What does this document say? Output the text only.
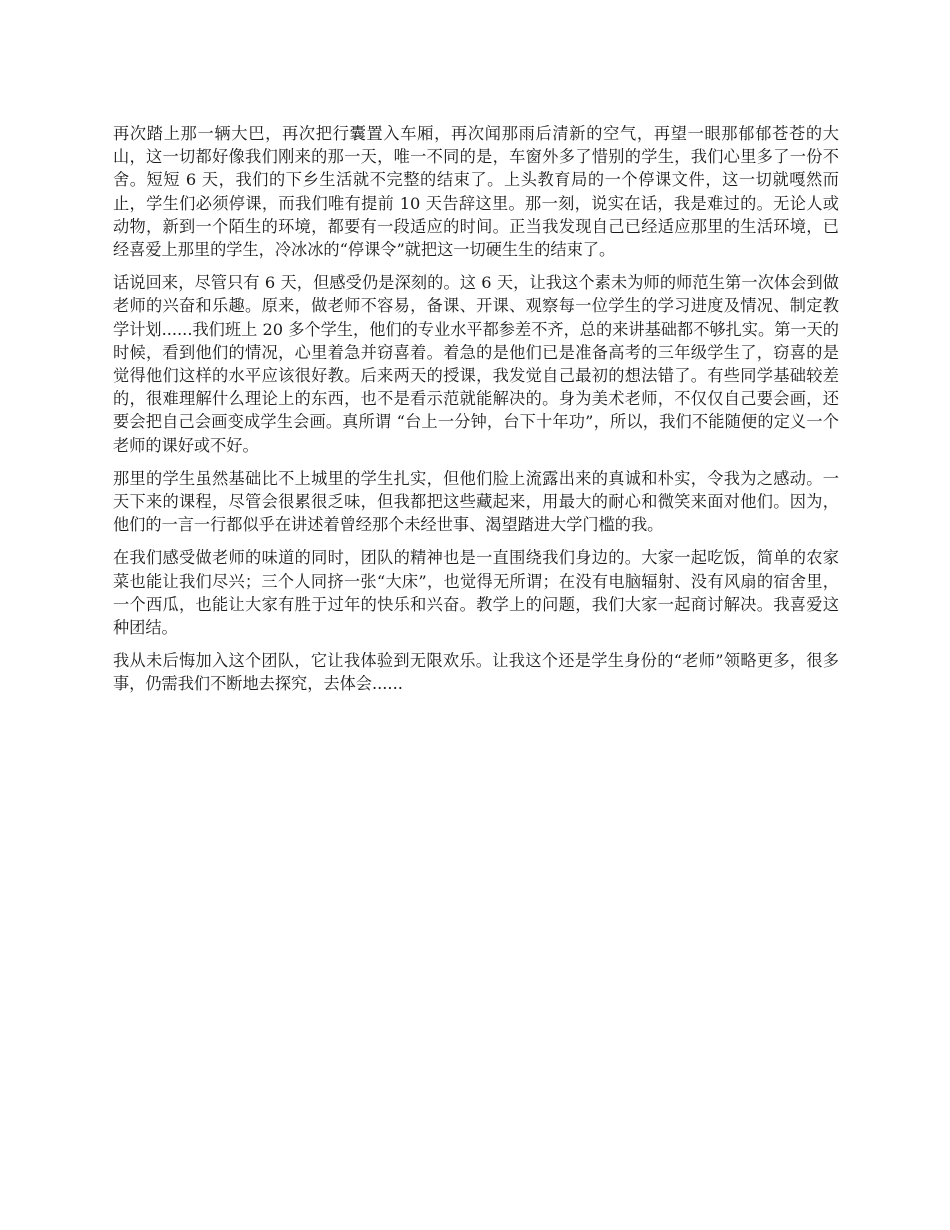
再次踏上那一辆大巴，再次把行囊置入车厢，再次闻那雨后清新的空气，再望一眼那郁郁苍苍的大山，这一切都好像我们刚来的那一天，唯一不同的是，车窗外多了惜别的学生，我们心里多了一份不舍。短短 6 天，我们的下乡生活就不完整的结束了。上头教育局的一个停课文件，这一切就嘎然而止，学生们必须停课，而我们唯有提前 10 天告辞这里。那一刻，说实在话，我是难过的。无论人或动物，新到一个陌生的环境，都要有一段适应的时间。正当我发现自己已经适应那里的生活环境，已经喜爱上那里的学生，冷冰冰的“停课令”就把这一切硬生生的结束了。

话说回来，尽管只有 6 天，但感受仍是深刻的。这 6 天，让我这个素未为师的师范生第一次体会到做老师的兴奋和乐趣。原来，做老师不容易，备课、开课、观察每一位学生的学习进度及情况、制定教学计划......我们班上 20 多个学生，他们的专业水平都参差不齐，总的来讲基础都不够扎实。第一天的时候，看到他们的情况，心里着急并窃喜着。着急的是他们已是准备高考的三年级学生了，窃喜的是觉得他们这样的水平应该很好教。后来两天的授课，我发觉自己最初的想法错了。有些同学基础较差的，很难理解什么理论上的东西，也不是看示范就能解决的。身为美术老师，不仅仅自己要会画，还要会把自己会画变成学生会画。真所谓 “台上一分钟，台下十年功”，所以，我们不能随便的定义一个老师的课好或不好。

那里的学生虽然基础比不上城里的学生扎实，但他们脸上流露出来的真诚和朴实，令我为之感动。一天下来的课程，尽管会很累很乏味，但我都把这些藏起来，用最大的耐心和微笑来面对他们。因为，他们的一言一行都似乎在讲述着曾经那个未经世事、渴望踏进大学门槛的我。

在我们感受做老师的味道的同时，团队的精神也是一直围绕我们身边的。大家一起吃饭，简单的农家菜也能让我们尽兴；三个人同挤一张“大床”，也觉得无所谓；在没有电脑辐射、没有风扇的宿舍里，一个西瓜，也能让大家有胜于过年的快乐和兴奋。教学上的问题，我们大家一起商讨解决。我喜爱这种团结。

我从未后悔加入这个团队，它让我体验到无限欢乐。让我这个还是学生身份的“老师”领略更多，很多事，仍需我们不断地去探究，去体会......
